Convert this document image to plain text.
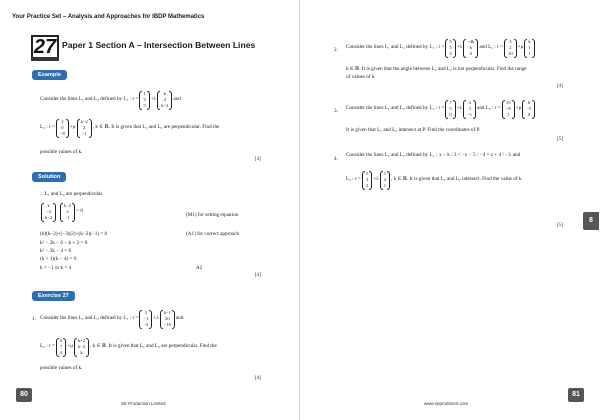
Your Practice Set – Analysis and Approaches for IBDP Mathematics
27 Paper 1 Section A – Intersection Between Lines
Example
Consider the lines L₁ and L₂ defined by L₁ : r =
1
3
5
+λ
k
4
k−2
and
L₂ : r =
2
0
−8
+μ
k−2
2
−1
, k ∈ ℝ. It is given that L₁ and L₂ are perpendicular. Find the
possible values of k.
[4]
Solution
∴ L₁ and L₂ are perpendicular.
k
−3
k−2
·
k−2
2
−1
= 0
(M1) for setting equation
(k)(k−2)+(−3)(2)+(k−2)(−1) = 0	(A1) for correct approach
k² − 2k − 6 − k + 2 = 0
k² − 3k − 4 = 0
(k + 1)(k − 4) = 0
k = −1 or k = 4	A2
[4]
Exercise 27
1. Consider the lines L₁ and L₂ defined by L₁ : r =
3
−1
−2
+λ
k−1
20
−10
and
L₂ : r =
0
7
4
+μ
k+2
k−2
k
, k ∈ ℝ. It is given that L₁ and L₂ are perpendicular. Find the
possible values of k.
[4]
2. Consider the lines L₁ and L₂ defined by L₁ : r =
5
5
3
+λ
−4k
k
0
and L₂ : r =
3
2
10
+μ
k
1
1
k ∈ ℝ. It is given that the angle between L₁ and L₂ is not perpendicular. Find the range
of values of k.
[4]
3. Consider the lines L₁ and L₂ defined by L₁ : r =
7
5
0
+λ
4
3
−1
and L₂ : r =
15
−8
1
+μ
6
−5
0
It is given that L₁ and L₂ intersect at P. Find the coordinates of P.
[5]
4.
Consider the lines L₁ and L₂ defined by L₁ : x − k / 3 = −y − 5 / −4 = z + 4 / −3 and
L₂ : r =
5
3
2
+λ
1
2
1
, k ∈ ℝ. It is given that L₁ and L₂ intersect. Find the value of k.
[5]
8
80
SE Production Limited	www.seprodstore.com
81
